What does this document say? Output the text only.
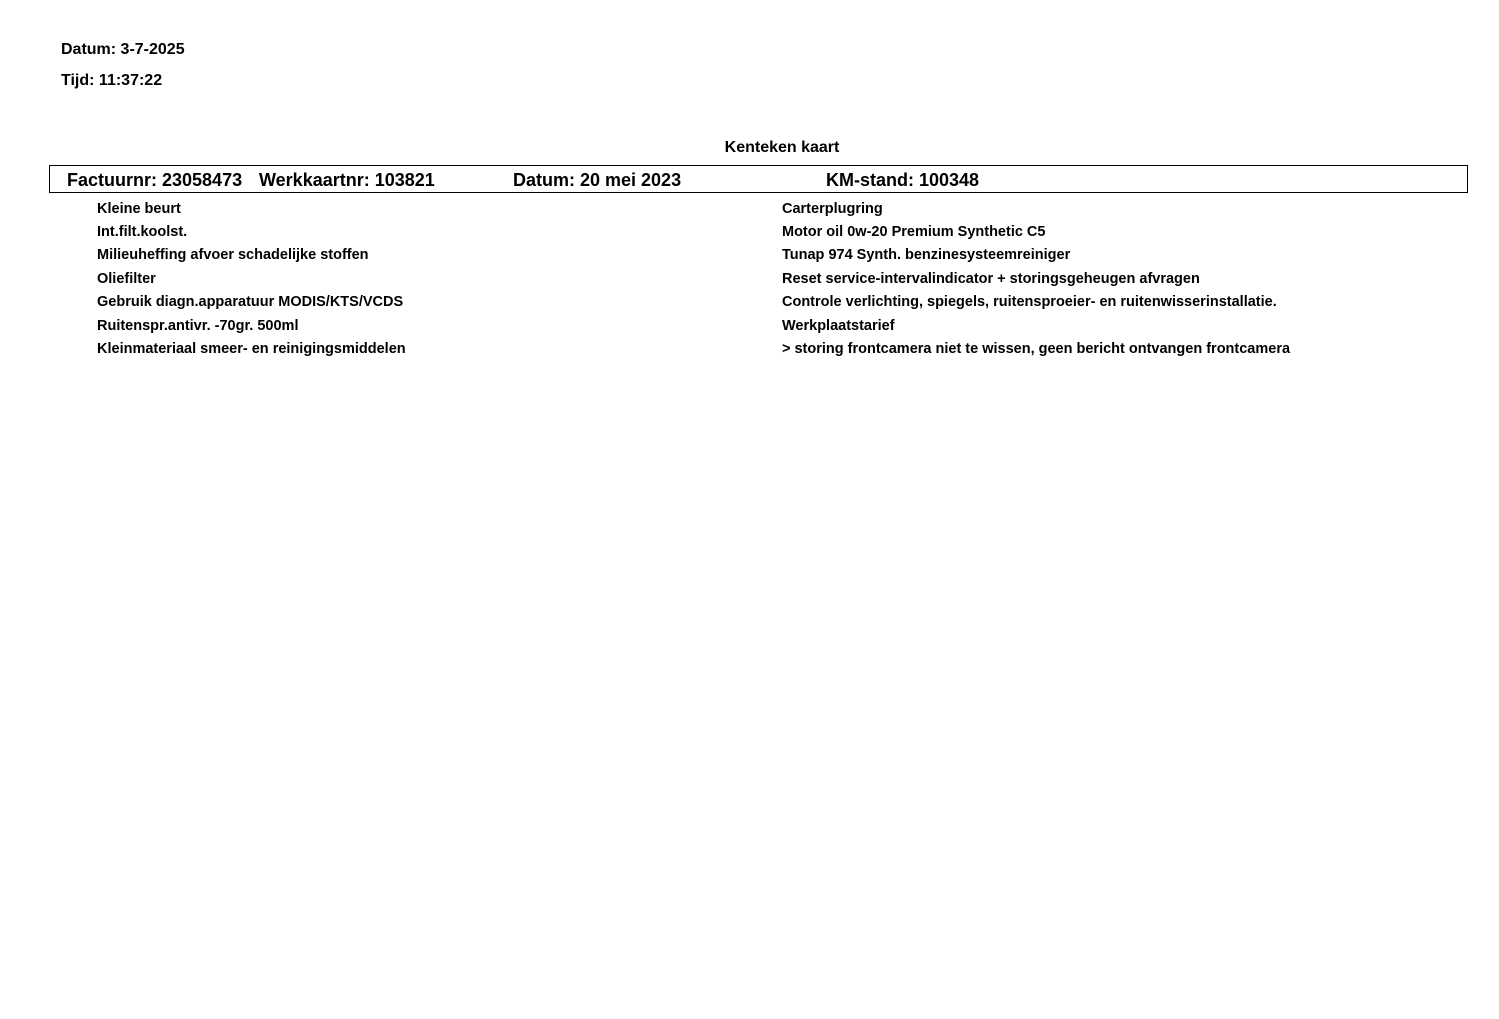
Datum: 3-7-2025
Tijd: 11:37:22
Kenteken kaart
Factuurnr: 23058473 Werkkaartnr: 103821	Datum: 20 mei 2023	KM-stand: 100348
Kleine beurt
Int.filt.koolst.
Milieuheffing afvoer schadelijke stoffen
Oliefilter
Gebruik diagn.apparatuur MODIS/KTS/VCDS
Ruitenspr.antivr. -70gr. 500ml
Kleinmateriaal smeer- en reinigingsmiddelen
Carterplugring
Motor oil 0w-20 Premium Synthetic C5
Tunap 974 Synth. benzinesysteemreiniger
Reset service-intervalindicator + storingsgeheugen afvragen
Controle verlichting, spiegels, ruitensproeier- en ruitenwisserinstallatie.
Werkplaatstarief
> storing frontcamera niet te wissen, geen bericht ontvangen frontcamera
